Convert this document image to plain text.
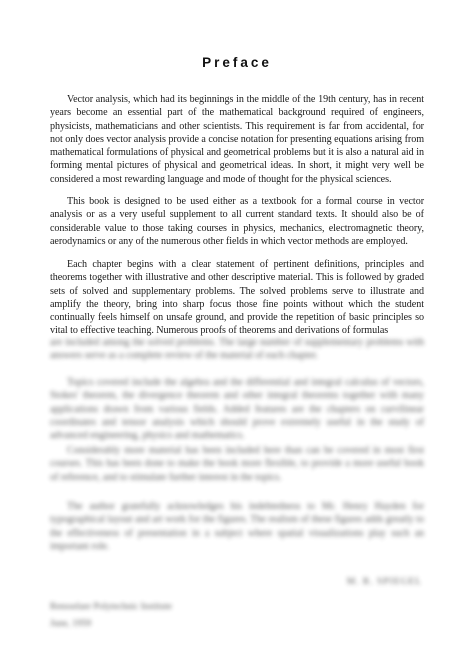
Preface

Vector analysis, which had its beginnings in the middle of the 19th century, has in recent years become an essential part of the mathematical background required of engineers, physicists, mathematicians and other scientists. This requirement is far from accidental, for not only does vector analysis provide a concise notation for presenting equations arising from mathematical formulations of physical and geometrical problems but it is also a natural aid in forming mental pictures of physical and geometrical ideas. In short, it might very well be considered a most rewarding language and mode of thought for the physical sciences.

This book is designed to be used either as a textbook for a formal course in vector analysis or as a very useful supplement to all current standard texts. It should also be of considerable value to those taking courses in physics, mechanics, electromagnetic theory, aerodynamics or any of the numerous other fields in which vector methods are employed.

Each chapter begins with a clear statement of pertinent definitions, principles and theorems together with illustrative and other descriptive material. This is followed by graded sets of solved and supplementary problems. The solved problems serve to illustrate and amplify the theory, bring into sharp focus those fine points without which the student continually feels himself on unsafe ground, and provide the repetition of basic principles so vital to effective teaching. Numerous proofs of theorems and derivations of formulas

are included among the solved problems. The large number of supplementary problems with answers serve as a complete review of the material of each chapter.

Topics covered include the algebra and the differential and integral calculus of vectors, Stokes' theorem, the divergence theorem and other integral theorems together with many applications drawn from various fields. Added features are the chapters on curvilinear coordinates and tensor analysis which should prove extremely useful in the study of advanced engineering, physics and mathematics.

Considerably more material has been included here than can be covered in most first courses. This has been done to make the book more flexible, to provide a more useful book of reference, and to stimulate further interest in the topics.

The author gratefully acknowledges his indebtedness to Mr. Henry Hayden for typographical layout and art work for the figures. The realism of these figures adds greatly to the effectiveness of presentation in a subject where spatial visualizations play such an important role.

M. R. SPIEGEL
Rensselaer Polytechnic Institute
June, 1959
